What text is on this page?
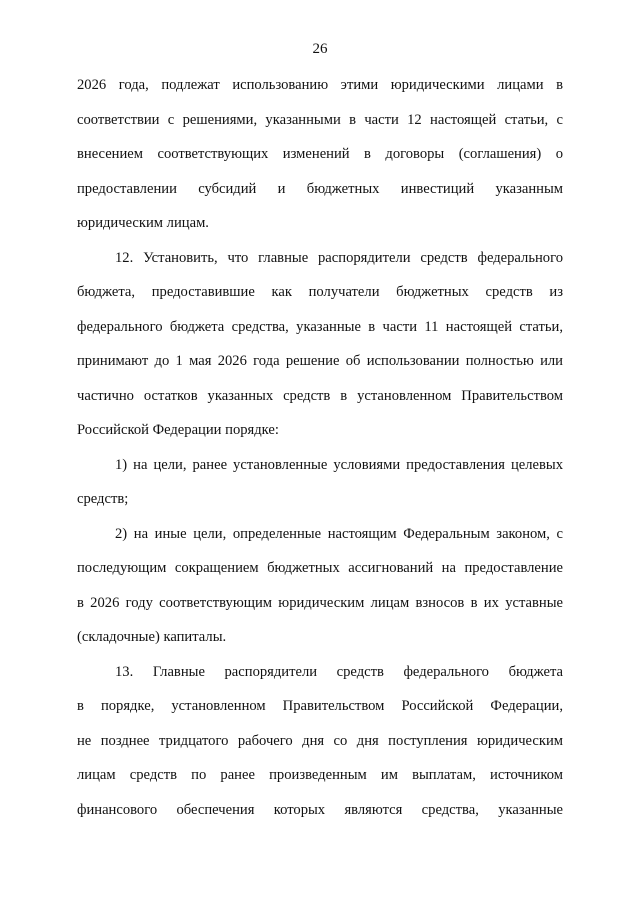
26

2026 года, подлежат использованию этими юридическими лицами в
соответствии с решениями, указанными в части 12 настоящей статьи, с
внесением соответствующих изменений в договоры (соглашения) о
предоставлении субсидий и бюджетных инвестиций указанным
юридическим лицам.

12. Установить, что главные распорядители средств федерального
бюджета, предоставившие как получатели бюджетных средств из
федерального бюджета средства, указанные в части 11 настоящей статьи,
принимают до 1 мая 2026 года решение об использовании полностью или
частично остатков указанных средств в установленном Правительством
Российской Федерации порядке:

1) на цели, ранее установленные условиями предоставления целевых
средств;

2) на иные цели, определенные настоящим Федеральным законом, с
последующим сокращением бюджетных ассигнований на предоставление
в 2026 году соответствующим юридическим лицам взносов в их уставные
(складочные) капиталы.

13. Главные распорядители средств федерального бюджета
в порядке, установленном Правительством Российской Федерации,
не позднее тридцатого рабочего дня со дня поступления юридическим
лицам средств по ранее произведенным им выплатам, источником
финансового обеспечения которых являются средства, указанные
